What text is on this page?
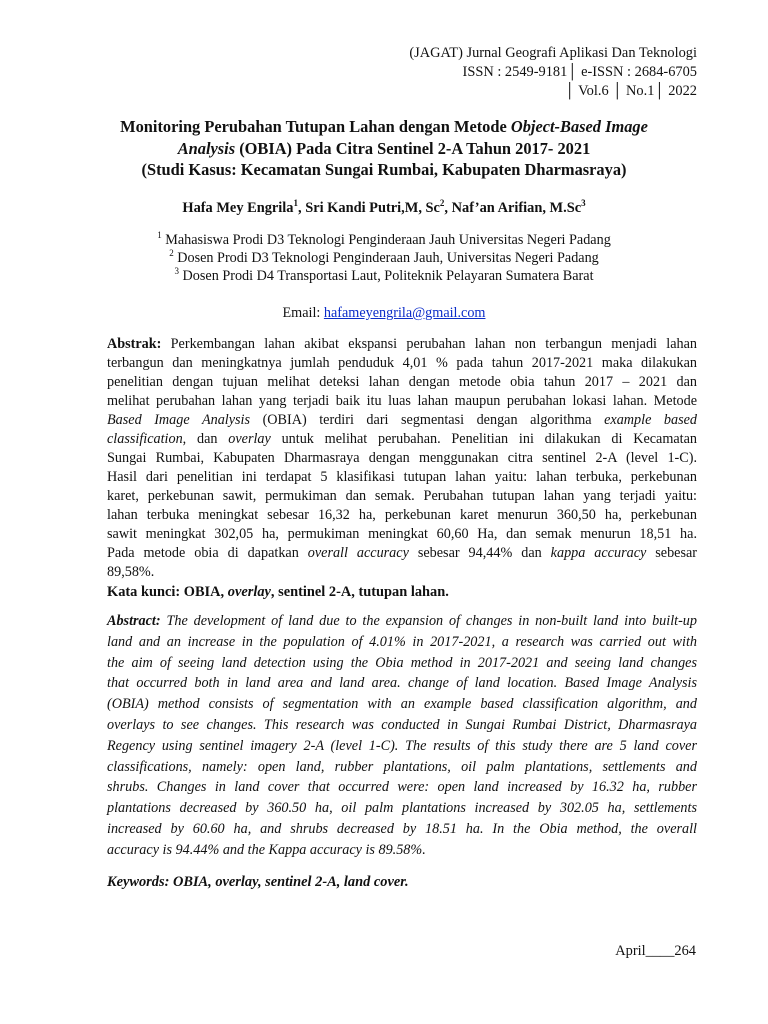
(JAGAT) Jurnal Geografi Aplikasi Dan Teknologi
ISSN : 2549-9181│ e-ISSN : 2684-6705
│ Vol.6 │ No.1│ 2022
Monitoring Perubahan Tutupan Lahan dengan Metode Object-Based Image
Analysis (OBIA) Pada Citra Sentinel 2-A Tahun 2017- 2021
(Studi Kasus: Kecamatan Sungai Rumbai, Kabupaten Dharmasraya)
Hafa Mey Engrila$^1$, Sri Kandi Putri,M, Sc$^2$, Naf’an Arifian, M.Sc$^3$
$^1$ Mahasiswa Prodi D3 Teknologi Penginderaan Jauh Universitas Negeri Padang
$^2$ Dosen Prodi D3 Teknologi Penginderaan Jauh, Universitas Negeri Padang
$^3$ Dosen Prodi D4 Transportasi Laut, Politeknik Pelayaran Sumatera Barat
Email: hafameyengrila@gmail.com
Abstrak: Perkembangan lahan akibat ekspansi perubahan lahan non terbangun menjadi lahan
terbangun dan meningkatnya jumlah penduduk 4,01 % pada tahun 2017-2021 maka dilakukan
penelitian dengan tujuan melihat deteksi lahan dengan metode obia tahun 2017 – 2021 dan
melihat perubahan lahan yang terjadi baik itu luas lahan maupun perubahan lokasi lahan. Metode
Based Image Analysis (OBIA) terdiri dari segmentasi dengan algorithma example based
classification, dan overlay untuk melihat perubahan. Penelitian ini dilakukan di Kecamatan
Sungai Rumbai, Kabupaten Dharmasraya dengan menggunakan citra sentinel 2-A (level 1-C).
Hasil dari penelitian ini terdapat 5 klasifikasi tutupan lahan yaitu: lahan terbuka, perkebunan
karet, perkebunan sawit, permukiman dan semak. Perubahan tutupan lahan yang terjadi yaitu:
lahan terbuka meningkat sebesar 16,32 ha, perkebunan karet menurun 360,50 ha, perkebunan
sawit meningkat 302,05 ha, permukiman meningkat 60,60 Ha, dan semak menurun 18,51 ha.
Pada metode obia di dapatkan overall accuracy sebesar 94,44% dan kappa accuracy sebesar
89,58%.
Kata kunci: OBIA, overlay, sentinel 2-A, tutupan lahan.
Abstract: The development of land due to the expansion of changes in non-built land into built-up
land and an increase in the population of 4.01% in 2017-2021, a research was carried out with
the aim of seeing land detection using the Obia method in 2017-2021 and seeing land changes
that occurred both in land area and land area. change of land location. Based Image Analysis
(OBIA) method consists of segmentation with an example based classification algorithm, and
overlays to see changes. This research was conducted in Sungai Rumbai District, Dharmasraya
Regency using sentinel imagery 2-A (level 1-C). The results of this study there are 5 land cover
classifications, namely: open land, rubber plantations, oil palm plantations, settlements and
shrubs. Changes in land cover that occurred were: open land increased by 16.32 ha, rubber
plantations decreased by 360.50 ha, oil palm plantations increased by 302.05 ha, settlements
increased by 60.60 ha, and shrubs decreased by 18.51 ha. In the Obia method, the overall
accuracy is 94.44% and the Kappa accuracy is 89.58%.
Keywords: OBIA, overlay, sentinel 2-A, land cover.
April____264
